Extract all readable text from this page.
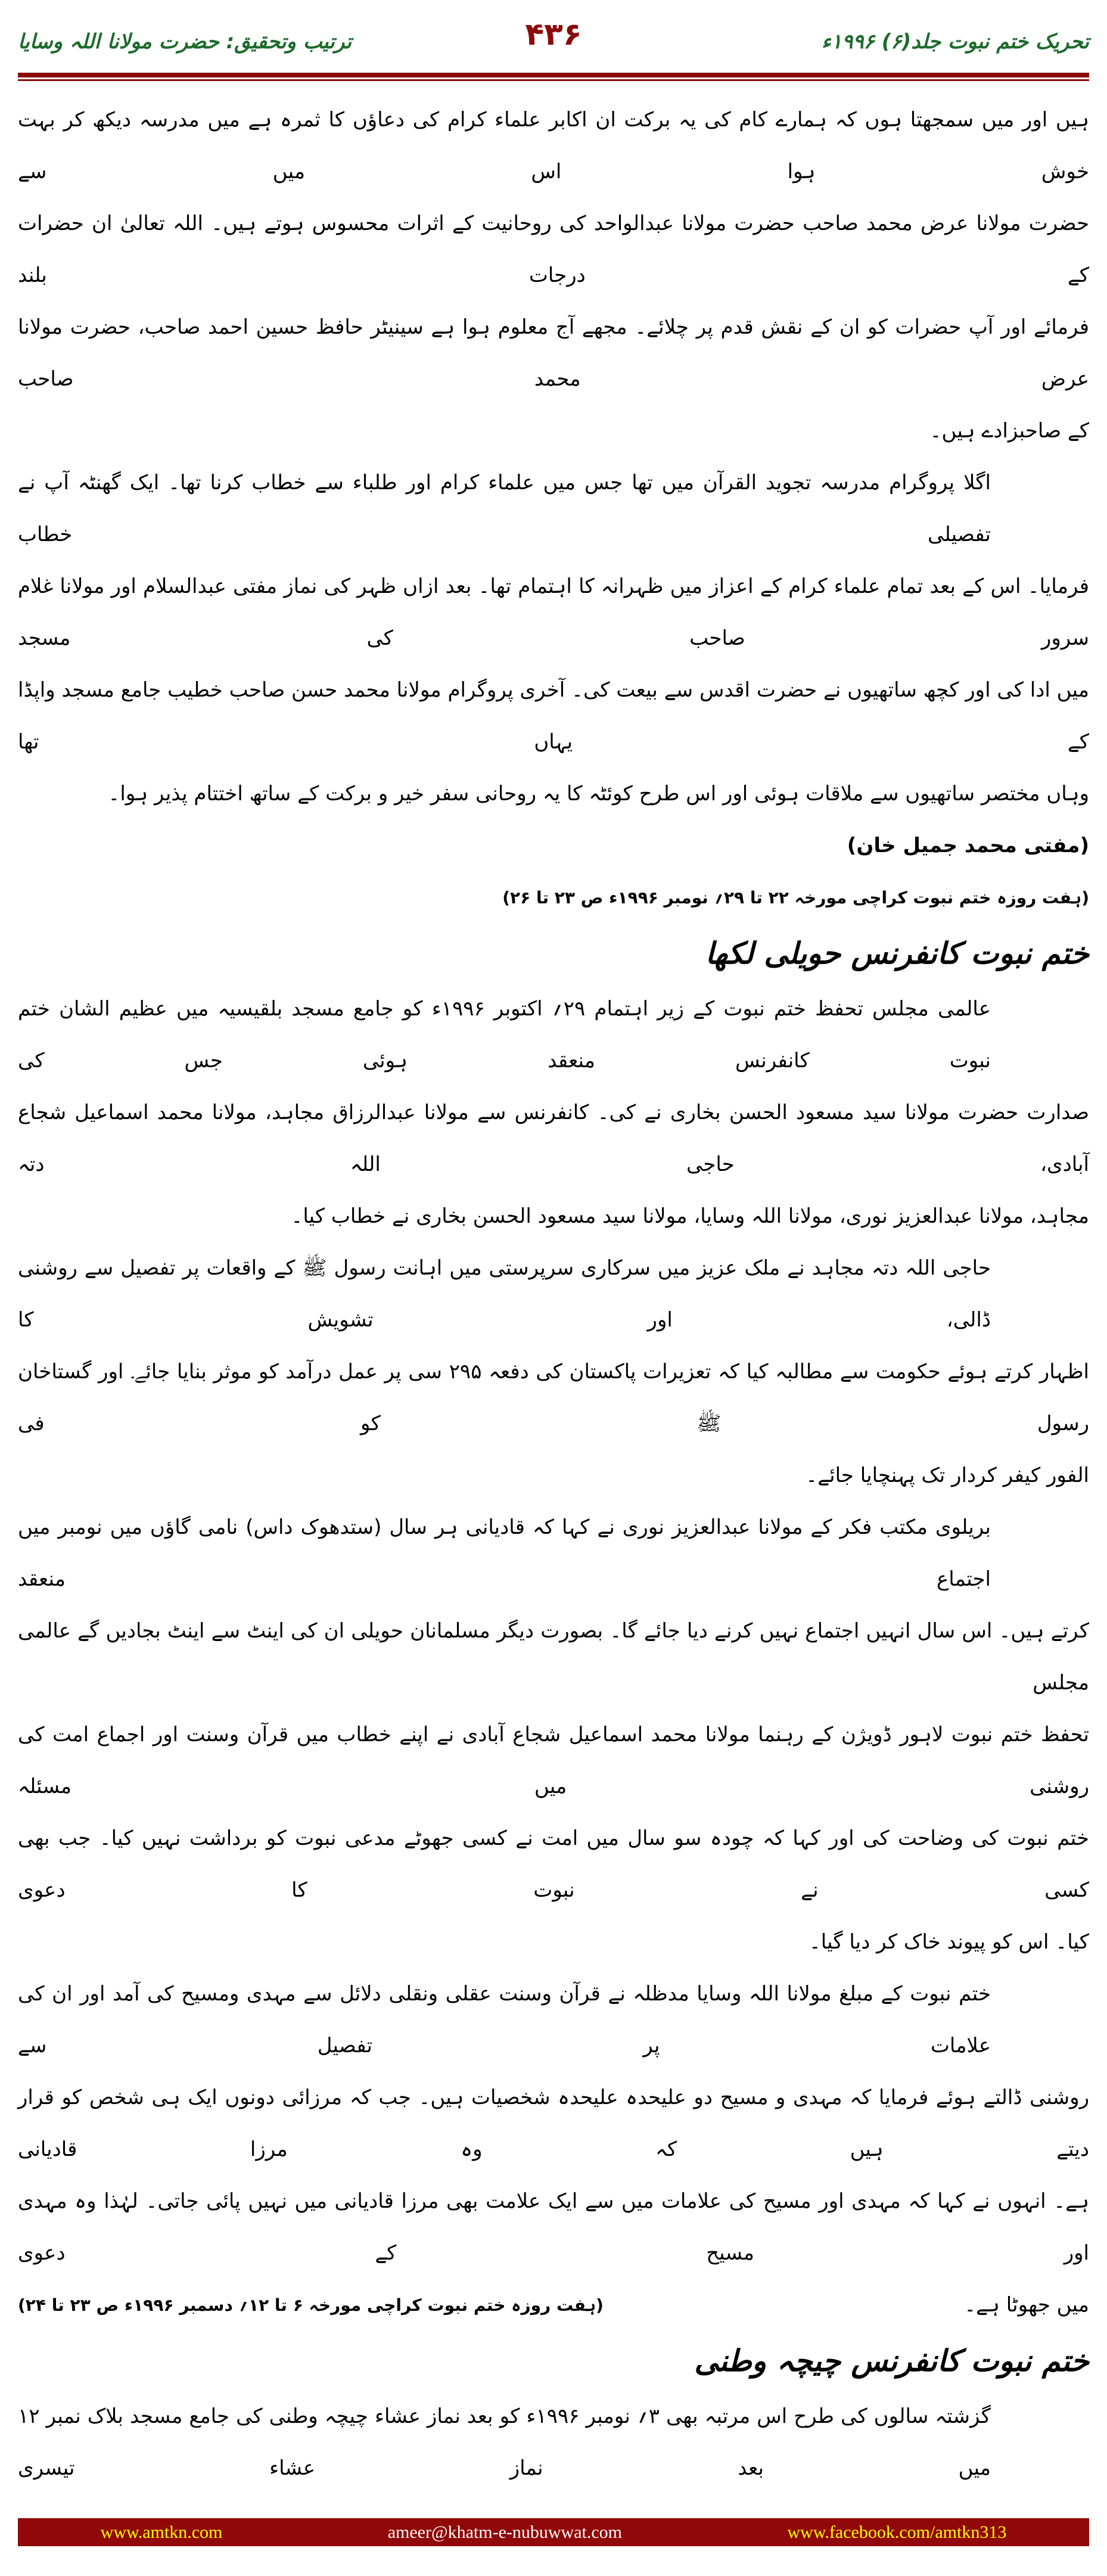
تحریک ختم نبوت جلد(۶) ۱۹۹۶ء
۴۳۶
ترتیب وتحقیق: حضرت مولانا اللہ وسایا
ہیں اور میں سمجھتا ہوں کہ ہمارے کام کی یہ برکت ان اکابر علماء کرام کی دعاؤں کا ثمرہ ہے میں مدرسہ دیکھ کر بہت خوش ہوا اس میں سے
حضرت مولانا عرض محمد صاحب حضرت مولانا عبدالواحد کی روحانیت کے اثرات محسوس ہوتے ہیں۔ اللہ تعالیٰ ان حضرات کے درجات بلند
فرمائے اور آپ حضرات کو ان کے نقش قدم پر چلائے۔ مجھے آج معلوم ہوا ہے سینیٹر حافظ حسین احمد صاحب، حضرت مولانا عرض محمد صاحب
کے صاحبزادے ہیں۔
اگلا پروگرام مدرسہ تجوید القرآن میں تھا جس میں علماء کرام اور طلباء سے خطاب کرنا تھا۔ ایک گھنٹہ آپ نے تفصیلی خطاب
فرمایا۔ اس کے بعد تمام علماء کرام کے اعزاز میں ظہرانہ کا اہتمام تھا۔ بعد ازاں ظہر کی نماز مفتی عبدالسلام اور مولانا غلام سرور صاحب کی مسجد
میں ادا کی اور کچھ ساتھیوں نے حضرت اقدس سے بیعت کی۔ آخری پروگرام مولانا محمد حسن صاحب خطیب جامع مسجد واپڈا کے یہاں تھا
وہاں مختصر ساتھیوں سے ملاقات ہوئی اور اس طرح کوئٹہ کا یہ روحانی سفر خیر و برکت کے ساتھ اختتام پذیر ہوا۔
(مفتی محمد جمیل خان)
(ہفت روزہ ختم نبوت کراچی مورخہ ۲۲ تا ۲۹؍ نومبر ۱۹۹۶ء ص ۲۳ تا ۲۶)
ختم نبوت کانفرنس حویلی لکھا
عالمی مجلس تحفظ ختم نبوت کے زیر اہتمام ۲۹؍ اکتوبر ۱۹۹۶ء کو جامع مسجد بلقیسیہ میں عظیم الشان ختم نبوت کانفرنس منعقد ہوئی جس کی
صدارت حضرت مولانا سید مسعود الحسن بخاری نے کی۔ کانفرنس سے مولانا عبدالرزاق مجاہد، مولانا محمد اسماعیل شجاع آبادی، حاجی اللہ دتہ
مجاہد، مولانا عبدالعزیز نوری، مولانا اللہ وسایا، مولانا سید مسعود الحسن بخاری نے خطاب کیا۔
حاجی اللہ دتہ مجاہد نے ملک عزیز میں سرکاری سرپرستی میں اہانت رسول ﷺ کے واقعات پر تفصیل سے روشنی ڈالی، اور تشویش کا
اظہار کرتے ہوئے حکومت سے مطالبہ کیا کہ تعزیرات پاکستان کی دفعہ ۲۹۵ سی پر عمل درآمد کو موثر بنایا جائے۔ اور گستاخان رسول ﷺ کو فی
الفور کیفر کردار تک پہنچایا جائے۔
بریلوی مکتب فکر کے مولانا عبدالعزیز نوری نے کہا کہ قادیانی ہر سال (ستدھوک داس) نامی گاؤں میں نومبر میں اجتماع منعقد
کرتے ہیں۔ اس سال انہیں اجتماع نہیں کرنے دیا جائے گا۔ بصورت دیگر مسلمانان حویلی ان کی اینٹ سے اینٹ بجادیں گے عالمی مجلس
تحفظ ختم نبوت لاہور ڈویژن کے رہنما مولانا محمد اسماعیل شجاع آبادی نے اپنے خطاب میں قرآن وسنت اور اجماع امت کی روشنی میں مسئلہ
ختم نبوت کی وضاحت کی اور کہا کہ چودہ سو سال میں امت نے کسی جھوٹے مدعی نبوت کو برداشت نہیں کیا۔ جب بھی کسی نے نبوت کا دعوی
کیا۔ اس کو پیوند خاک کر دیا گیا۔
ختم نبوت کے مبلغ مولانا اللہ وسایا مدظلہ نے قرآن وسنت عقلی ونقلی دلائل سے مہدی ومسیح کی آمد اور ان کی علامات پر تفصیل سے
روشنی ڈالتے ہوئے فرمایا کہ مہدی و مسیح دو علیحدہ علیحدہ شخصیات ہیں۔ جب کہ مرزائی دونوں ایک ہی شخص کو قرار دیتے ہیں کہ وہ مرزا قادیانی
ہے۔ انہوں نے کہا کہ مہدی اور مسیح کی علامات میں سے ایک علامت بھی مرزا قادیانی میں نہیں پائی جاتی۔ لہٰذا وہ مہدی اور مسیح کے دعوی
میں جھوٹا ہے۔
(ہفت روزہ ختم نبوت کراچی مورخہ ۶ تا ۱۲؍ دسمبر ۱۹۹۶ء ص ۲۳ تا ۲۴)
ختم نبوت کانفرنس چیچہ وطنی
گزشتہ سالوں کی طرح اس مرتبہ بھی ۳؍ نومبر ۱۹۹۶ء کو بعد نماز عشاء چیچہ وطنی کی جامع مسجد بلاک نمبر ۱۲ میں بعد نماز عشاء تیسری
www.amtkn.com	ameer@khatm-e-nubuwwat.com	www.facebook.com/amtkn313
